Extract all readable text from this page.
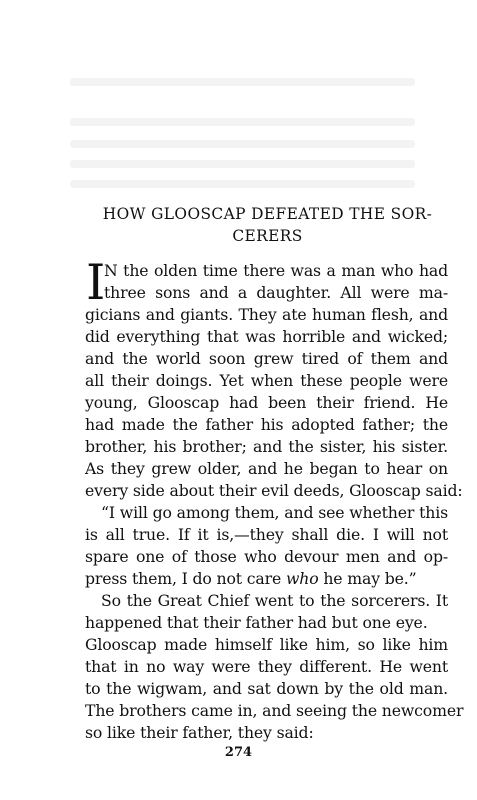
HOW GLOOSCAP DEFEATED THE SOR-
CERERS
I
N the olden time there was a man who had
three sons and a daughter. All were ma-
gicians and giants. They ate human flesh, and
did everything that was horrible and wicked;
and the world soon grew tired of them and
all their doings. Yet when these people were
young, Glooscap had been their friend. He
had made the father his adopted father; the
brother, his brother; and the sister, his sister.
As they grew older, and he began to hear on
every side about their evil deeds, Glooscap said:
“I will go among them, and see whether this
is all true. If it is,—they shall die. I will not
spare one of those who devour men and op-
press them, I do not care who he may be.”
So the Great Chief went to the sorcerers. It
happened that their father had but one eye.
Glooscap made himself like him, so like him
that in no way were they different. He went
to the wigwam, and sat down by the old man.
The brothers came in, and seeing the newcomer
so like their father, they said:
274
